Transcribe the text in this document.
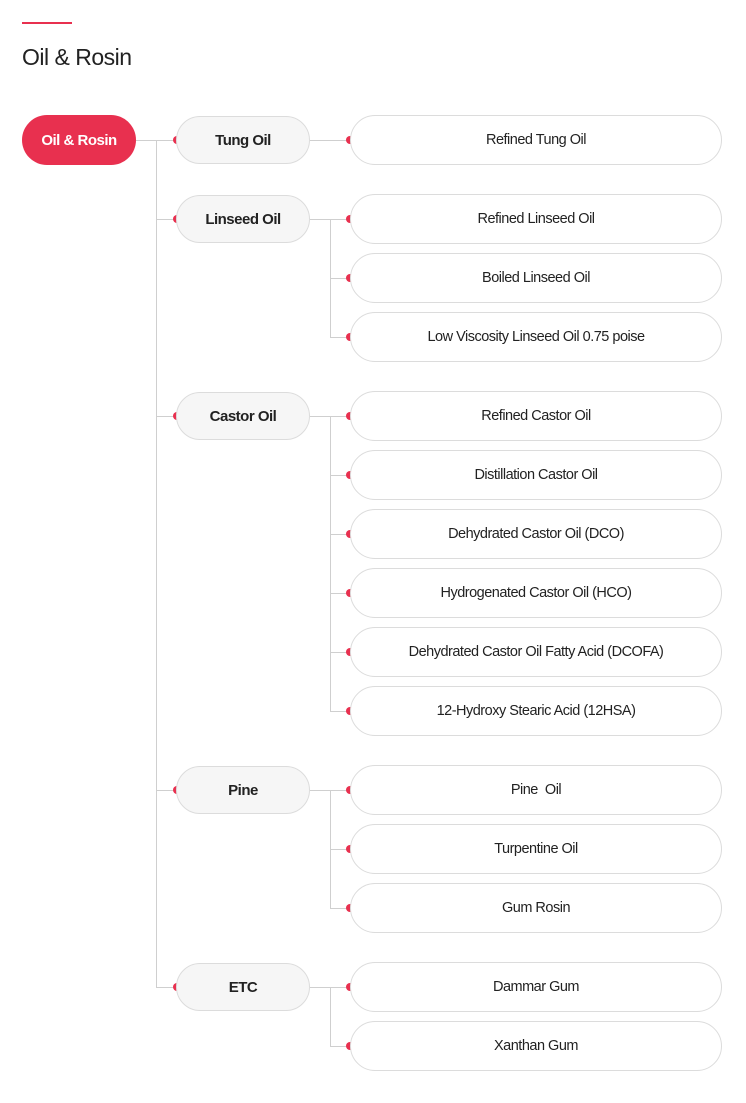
Oil & Rosin
Oil & Rosin	Tung Oil	Refined Tung Oil
Linseed Oil	Refined Linseed Oil
Boiled Linseed Oil
Low Viscosity Linseed Oil 0.75 poise
Castor Oil	Refined Castor Oil
Distillation Castor Oil
Dehydrated Castor Oil (DCO)
Hydrogenated Castor Oil (HCO)
Dehydrated Castor Oil Fatty Acid (DCOFA)
12-Hydroxy Stearic Acid (12HSA)
Pine	Pine  Oil
Turpentine Oil
Gum Rosin
ETC	Dammar Gum
Xanthan Gum
